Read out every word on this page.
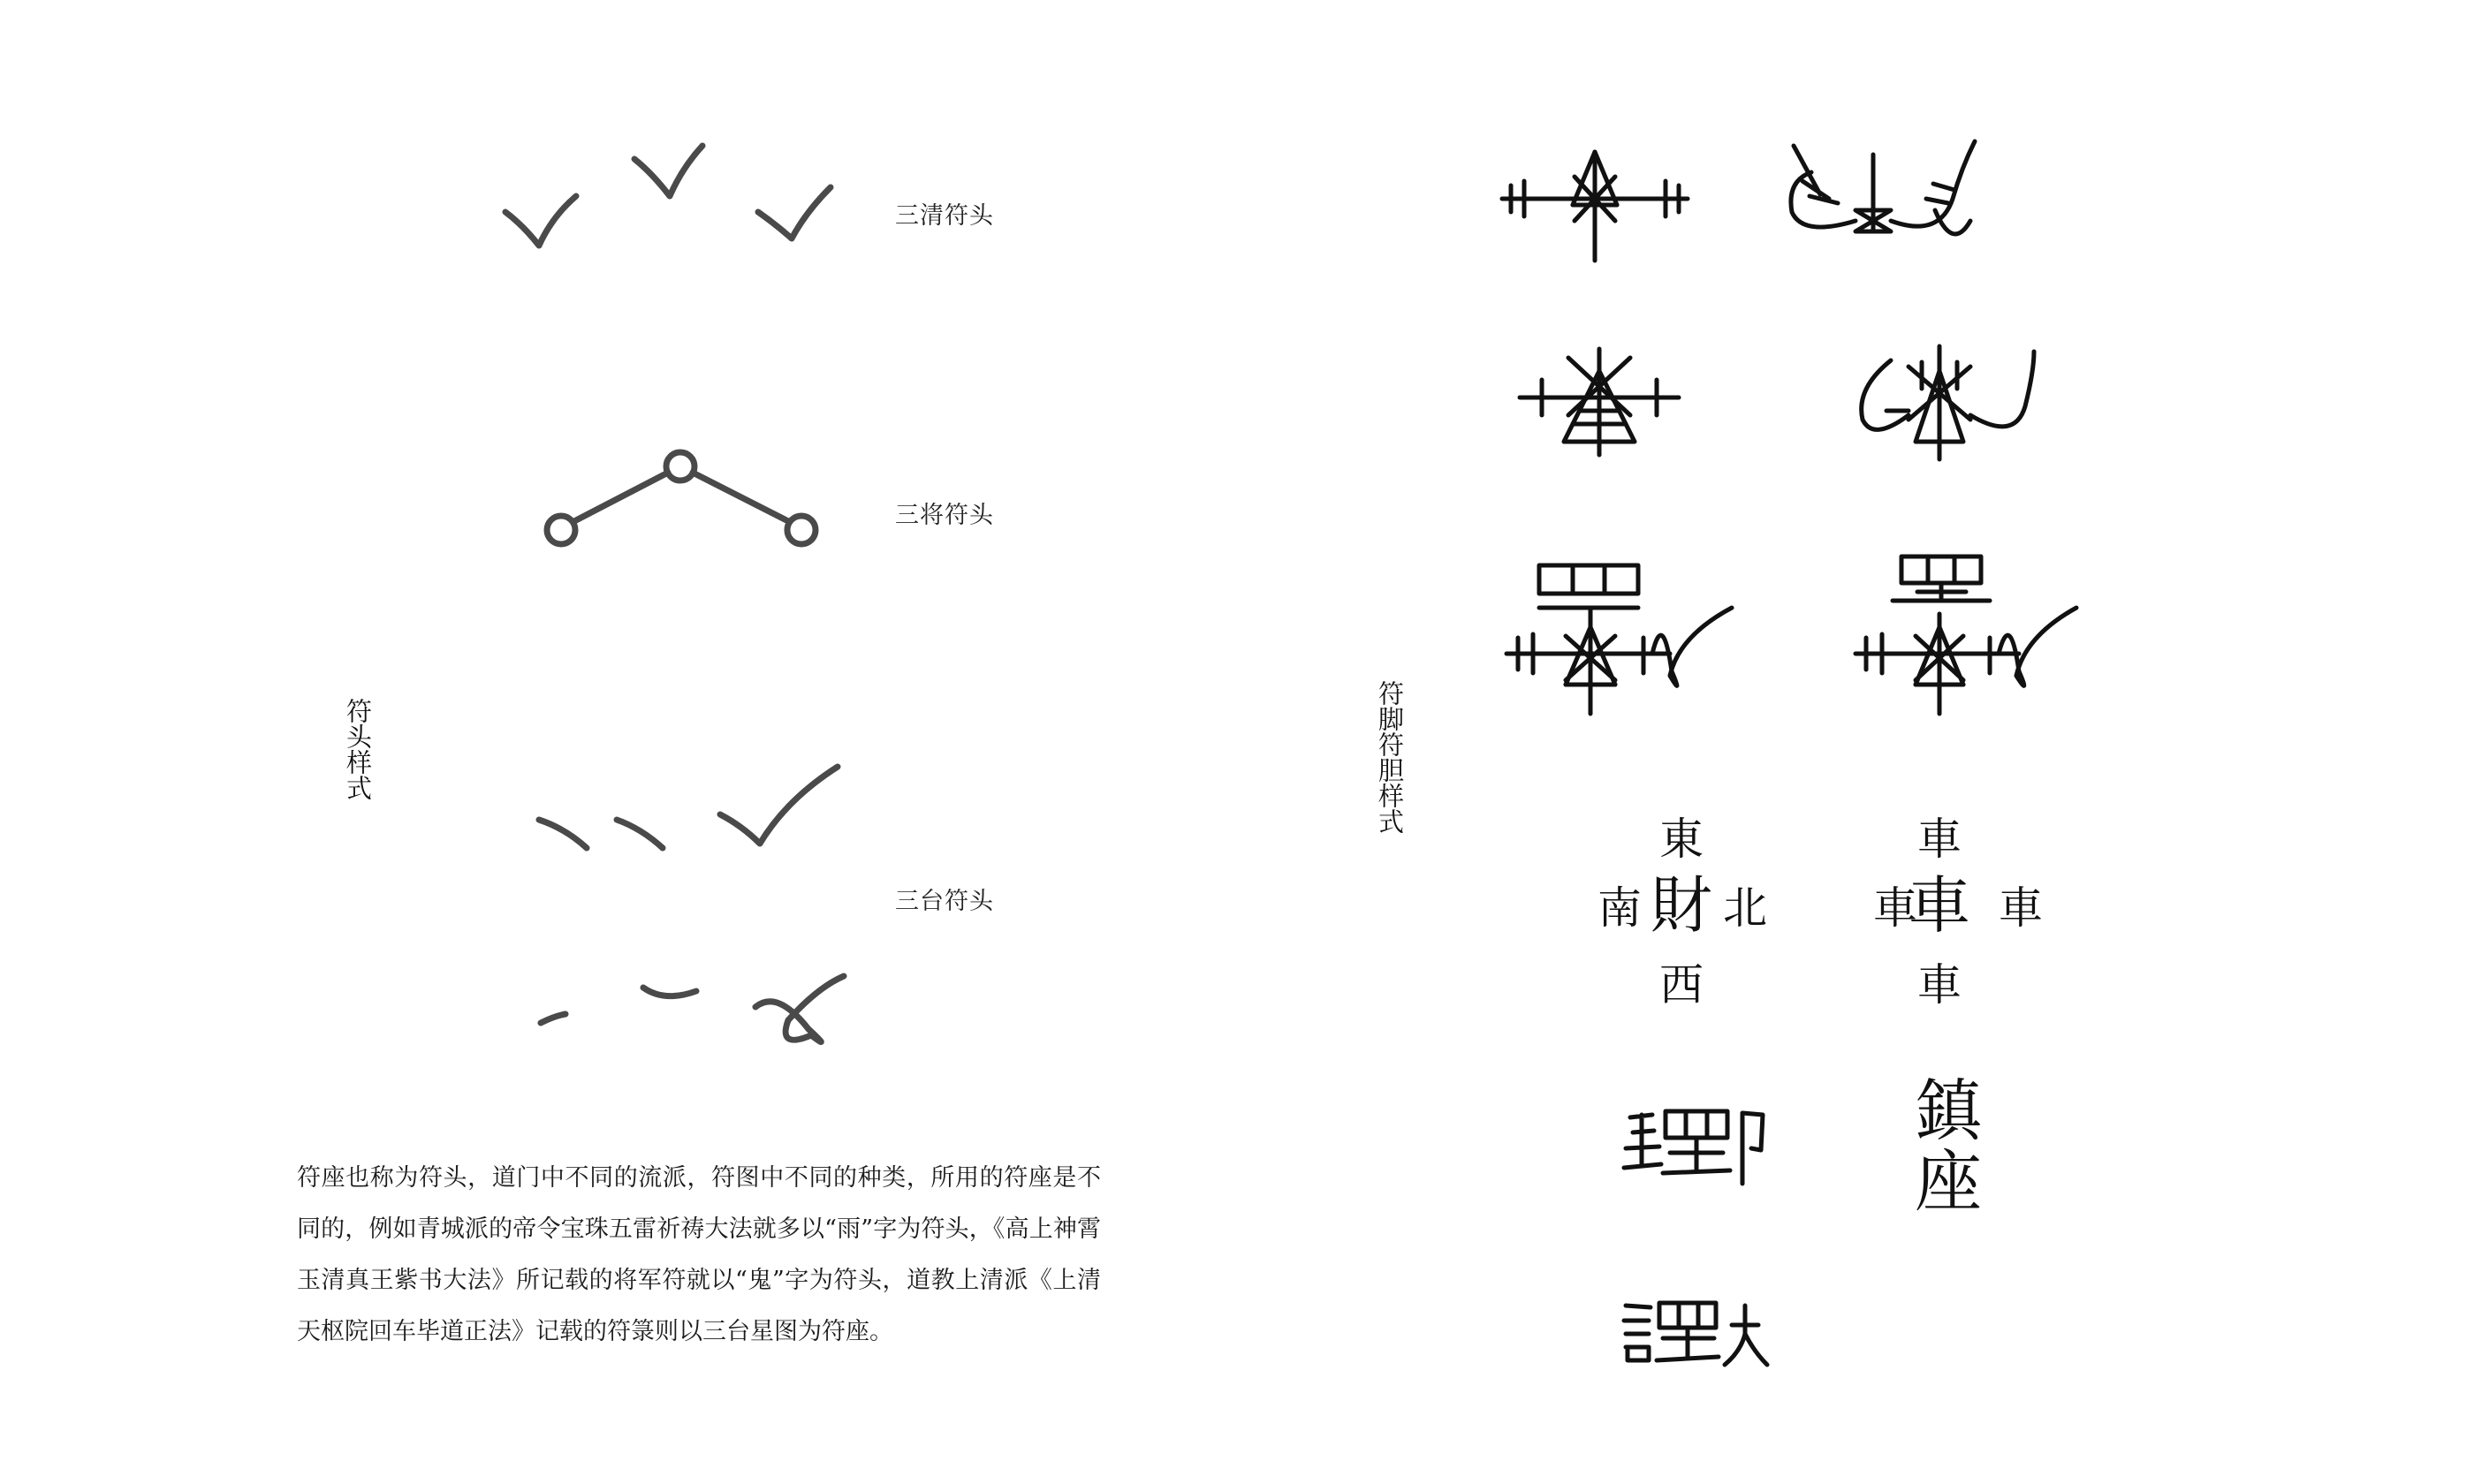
符头样式
三清符头
三将符头
三台符头

符座也称为符头，道门中不同的流派，符图中不同的种类，所用的符座是不同的，例如青城派的帝令宝珠五雷祈祷大法就多以“雨”字为符头，《高上神霄玉清真王紫书大法》所记载的将军符就以“鬼”字为符头，道教上清派《上清天枢院回车毕道正法》记载的符箓则以三台星图为符座。

符脚符胆样式
東
南 財 北
西
車
車
車 車
車
鎮
座
